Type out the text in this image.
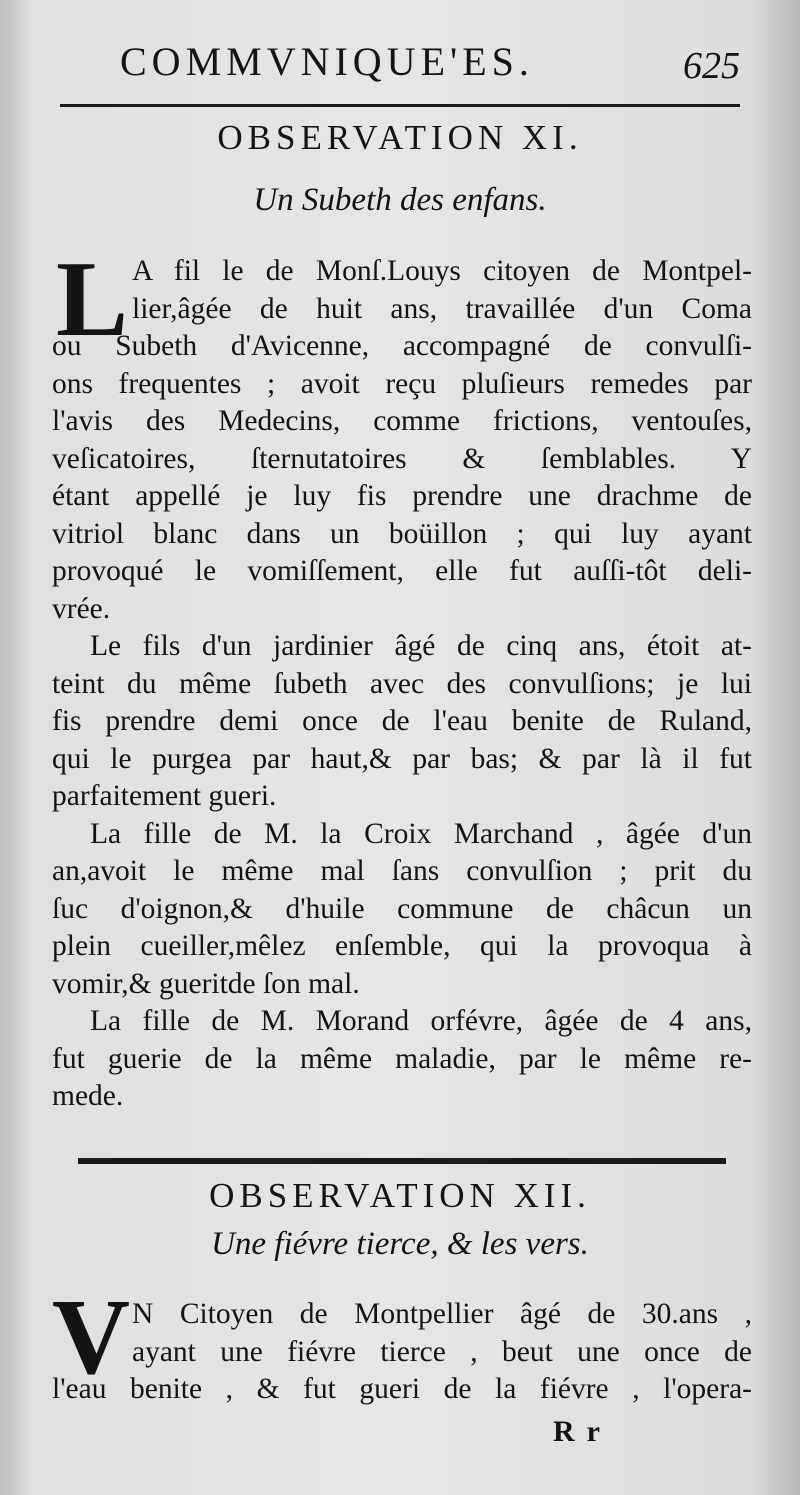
COMMVNIQUE'ES.	625
OBSERVATION XI.
Un Subeth des enfans.
L A fil le de Monſ.Louys citoyen de Montpel-
lier,âgée de huit ans, travaillée d'un Coma
ou Subeth d'Avicenne, accompagné de convulſi-
ons frequentes ; avoit reçu pluſieurs remedes par
l'avis des Medecins, comme frictions, ventouſes,
veſicatoires, ſternutatoires & ſemblables. Y
étant appellé je luy fis prendre une drachme de
vitriol blanc dans un boüillon ; qui luy ayant
provoqué le vomiſſement, elle fut auſſi-tôt deli-
vrée.
Le fils d'un jardinier âgé de cinq ans, étoit at-
teint du même ſubeth avec des convulſions; je lui
fis prendre demi once de l'eau benite de Ruland,
qui le purgea par haut,& par bas; & par là il fut
parfaitement gueri.
La fille de M. la Croix Marchand , âgée d'un
an,avoit le même mal ſans convulſion ; prit du
ſuc d'oignon,& d'huile commune de châcun un
plein cueiller,mêlez enſemble, qui la provoqua à
vomir,& gueritde ſon mal.
La fille de M. Morand orfévre, âgée de 4 ans,
fut guerie de la même maladie, par le même re-
mede.
OBSERVATION XII.
Une fiévre tierce, & les vers.
V N Citoyen de Montpellier âgé de 30.ans ,
ayant une fiévre tierce , beut une once de
l'eau benite , & fut gueri de la fiévre , l'opera-
Rr
